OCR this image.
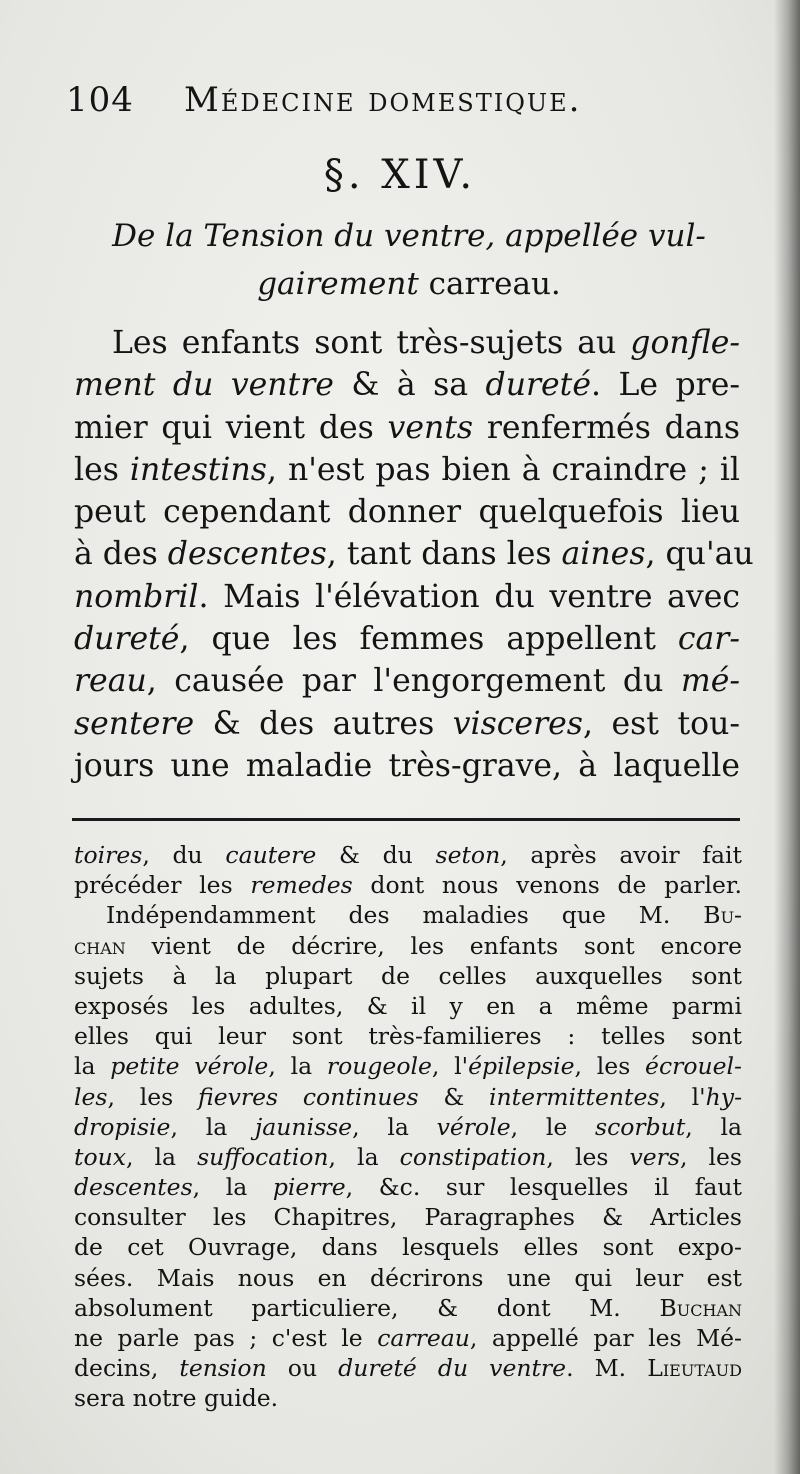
104 Médecine domestique.
§. XIV.
De la Tension du ventre, appellée vul-
gairement carreau.
Les enfants sont très-sujets au gonfle-
ment du ventre & à sa dureté. Le pre-
mier qui vient des vents renfermés dans
les intestins, n'est pas bien à craindre ; il
peut cependant donner quelquefois lieu
à des descentes, tant dans les aines, qu'au
nombril. Mais l'élévation du ventre avec
dureté, que les femmes appellent car-
reau, causée par l'engorgement du mé-
sentere & des autres visceres, est tou-
jours une maladie très-grave, à laquelle
toires, du cautere & du seton, après avoir fait
précéder les remedes dont nous venons de parler.
Indépendamment des maladies que M. Bu-
chan vient de décrire, les enfants sont encore
sujets à la plupart de celles auxquelles sont
exposés les adultes, & il y en a même parmi
elles qui leur sont très-familieres : telles sont
la petite vérole, la rougeole, l'épilepsie, les écrouel-
les, les fievres continues & intermittentes, l'hy-
dropisie, la jaunisse, la vérole, le scorbut, la
toux, la suffocation, la constipation, les vers, les
descentes, la pierre, &c. sur lesquelles il faut
consulter les Chapitres, Paragraphes & Articles
de cet Ouvrage, dans lesquels elles sont expo-
sées. Mais nous en décrirons une qui leur est
absolument particuliere, & dont M. Buchan
ne parle pas ; c'est le carreau, appellé par les Mé-
decins, tension ou dureté du ventre. M. Lieutaud
sera notre guide.
